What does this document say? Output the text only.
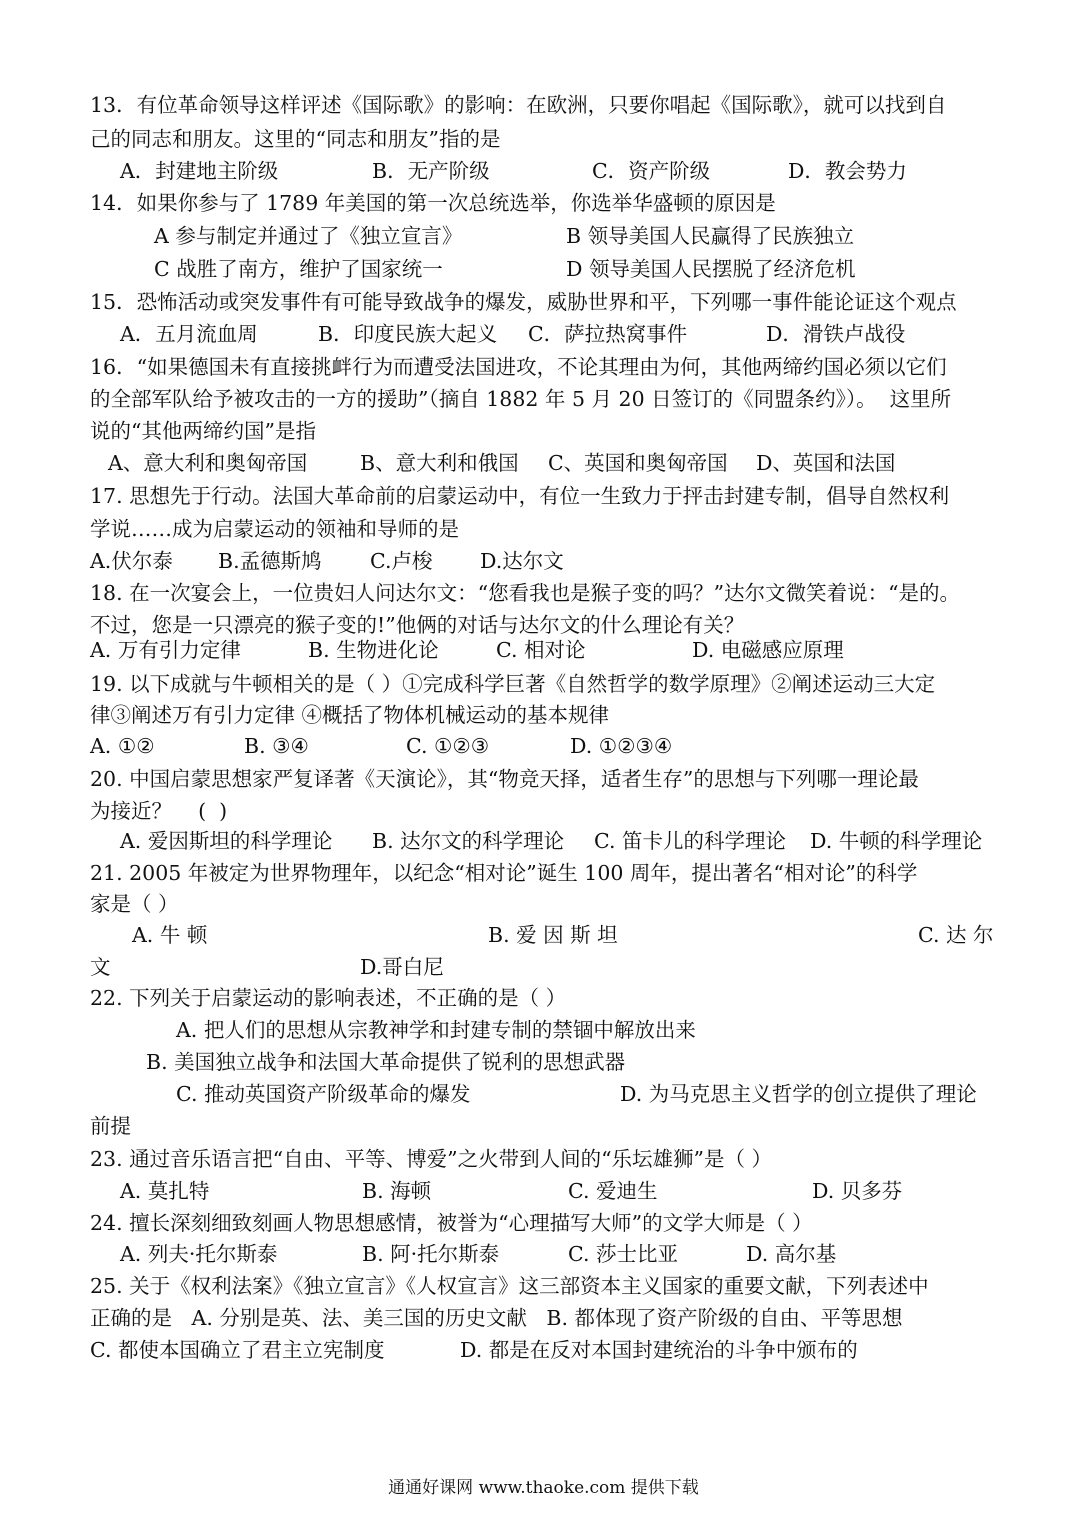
13．有位革命领导这样评述《国际歌》的影响：在欧洲，只要你唱起《国际歌》，就可以找到自
己的同志和朋友。这里的“同志和朋友”指的是
A．封建地主阶级	B．无产阶级	C．资产阶级	D．教会势力
14．如果你参与了 1789 年美国的第一次总统选举，你选举华盛顿的原因是
A 参与制定并通过了《独立宣言》	B 领导美国人民赢得了民族独立
C 战胜了南方，维护了国家统一	D 领导美国人民摆脱了经济危机
15．恐怖活动或突发事件有可能导致战争的爆发，威胁世界和平，下列哪一事件能论证这个观点
A．五月流血周	B．印度民族大起义 C．萨拉热窝事件	D．滑铁卢战役
16．“如果德国未有直接挑衅行为而遭受法国进攻，不论其理由为何，其他两缔约国必须以它们
的全部军队给予被攻击的一方的援助”（摘自 1882 年 5 月 20 日签订的《同盟条约》）。  这里所
说的“其他两缔约国”是指
A、意大利和奥匈帝国	B、意大利和俄国 C、英国和奥匈帝国 D、英国和法国
17. 思想先于行动。法国大革命前的启蒙运动中，有位一生致力于抨击封建专制，倡导自然权利
学说……成为启蒙运动的领袖和导师的是
A.伏尔泰 B.孟德斯鸠 C.卢梭 D.达尔文
18. 在一次宴会上，一位贵妇人问达尔文：“您看我也是猴子变的吗？”达尔文微笑着说：“是的。
不过，您是一只漂亮的猴子变的!”他俩的对话与达尔文的什么理论有关？
A. 万有引力定律	B. 生物进化论	C. 相对论	D. 电磁感应原理
19. 以下成就与牛顿相关的是（ ）①完成科学巨著《自然哲学的数学原理》②阐述运动三大定
律③阐述万有引力定律 ④概括了物体机械运动的基本规律
A. ①②	B. ③④	C. ①②③	D. ①②③④
20. 中国启蒙思想家严复译著《天演论》，其“物竞天择，适者生存”的思想与下列哪一理论最
为接近？    (  )
A. 爱因斯坦的科学理论 B. 达尔文的科学理论 C. 笛卡儿的科学理论 D. 牛顿的科学理论
21. 2005 年被定为世界物理年，以纪念“相对论”诞生 100 周年，提出著名“相对论”的科学
家是（ ）
A. 牛 顿	B. 爱 因 斯 坦	C. 达 尔
文	D.哥白尼
22. 下列关于启蒙运动的影响表述，不正确的是（ ）
A. 把人们的思想从宗教神学和封建专制的禁锢中解放出来
B. 美国独立战争和法国大革命提供了锐利的思想武器
C. 推动英国资产阶级革命的爆发	D. 为马克思主义哲学的创立提供了理论
前提
23. 通过音乐语言把“自由、平等、博爱”之火带到人间的“乐坛雄狮”是（ ）
A. 莫扎特	B. 海顿	C. 爱迪生	D. 贝多芬
24. 擅长深刻细致刻画人物思想感情，被誉为“心理描写大师”的文学大师是（ ）
A. 列夫·托尔斯泰	B. 阿·托尔斯泰	C. 莎士比亚	D. 高尔基
25. 关于《权利法案》《独立宣言》《人权宣言》这三部资本主义国家的重要文献，下列表述中
正确的是   A. 分别是英、法、美三国的历史文献   B. 都体现了资产阶级的自由、平等思想
C. 都使本国确立了君主立宪制度	D. 都是在反对本国封建统治的斗争中颁布的
通通好课网 www.thaoke.com 提供下载
